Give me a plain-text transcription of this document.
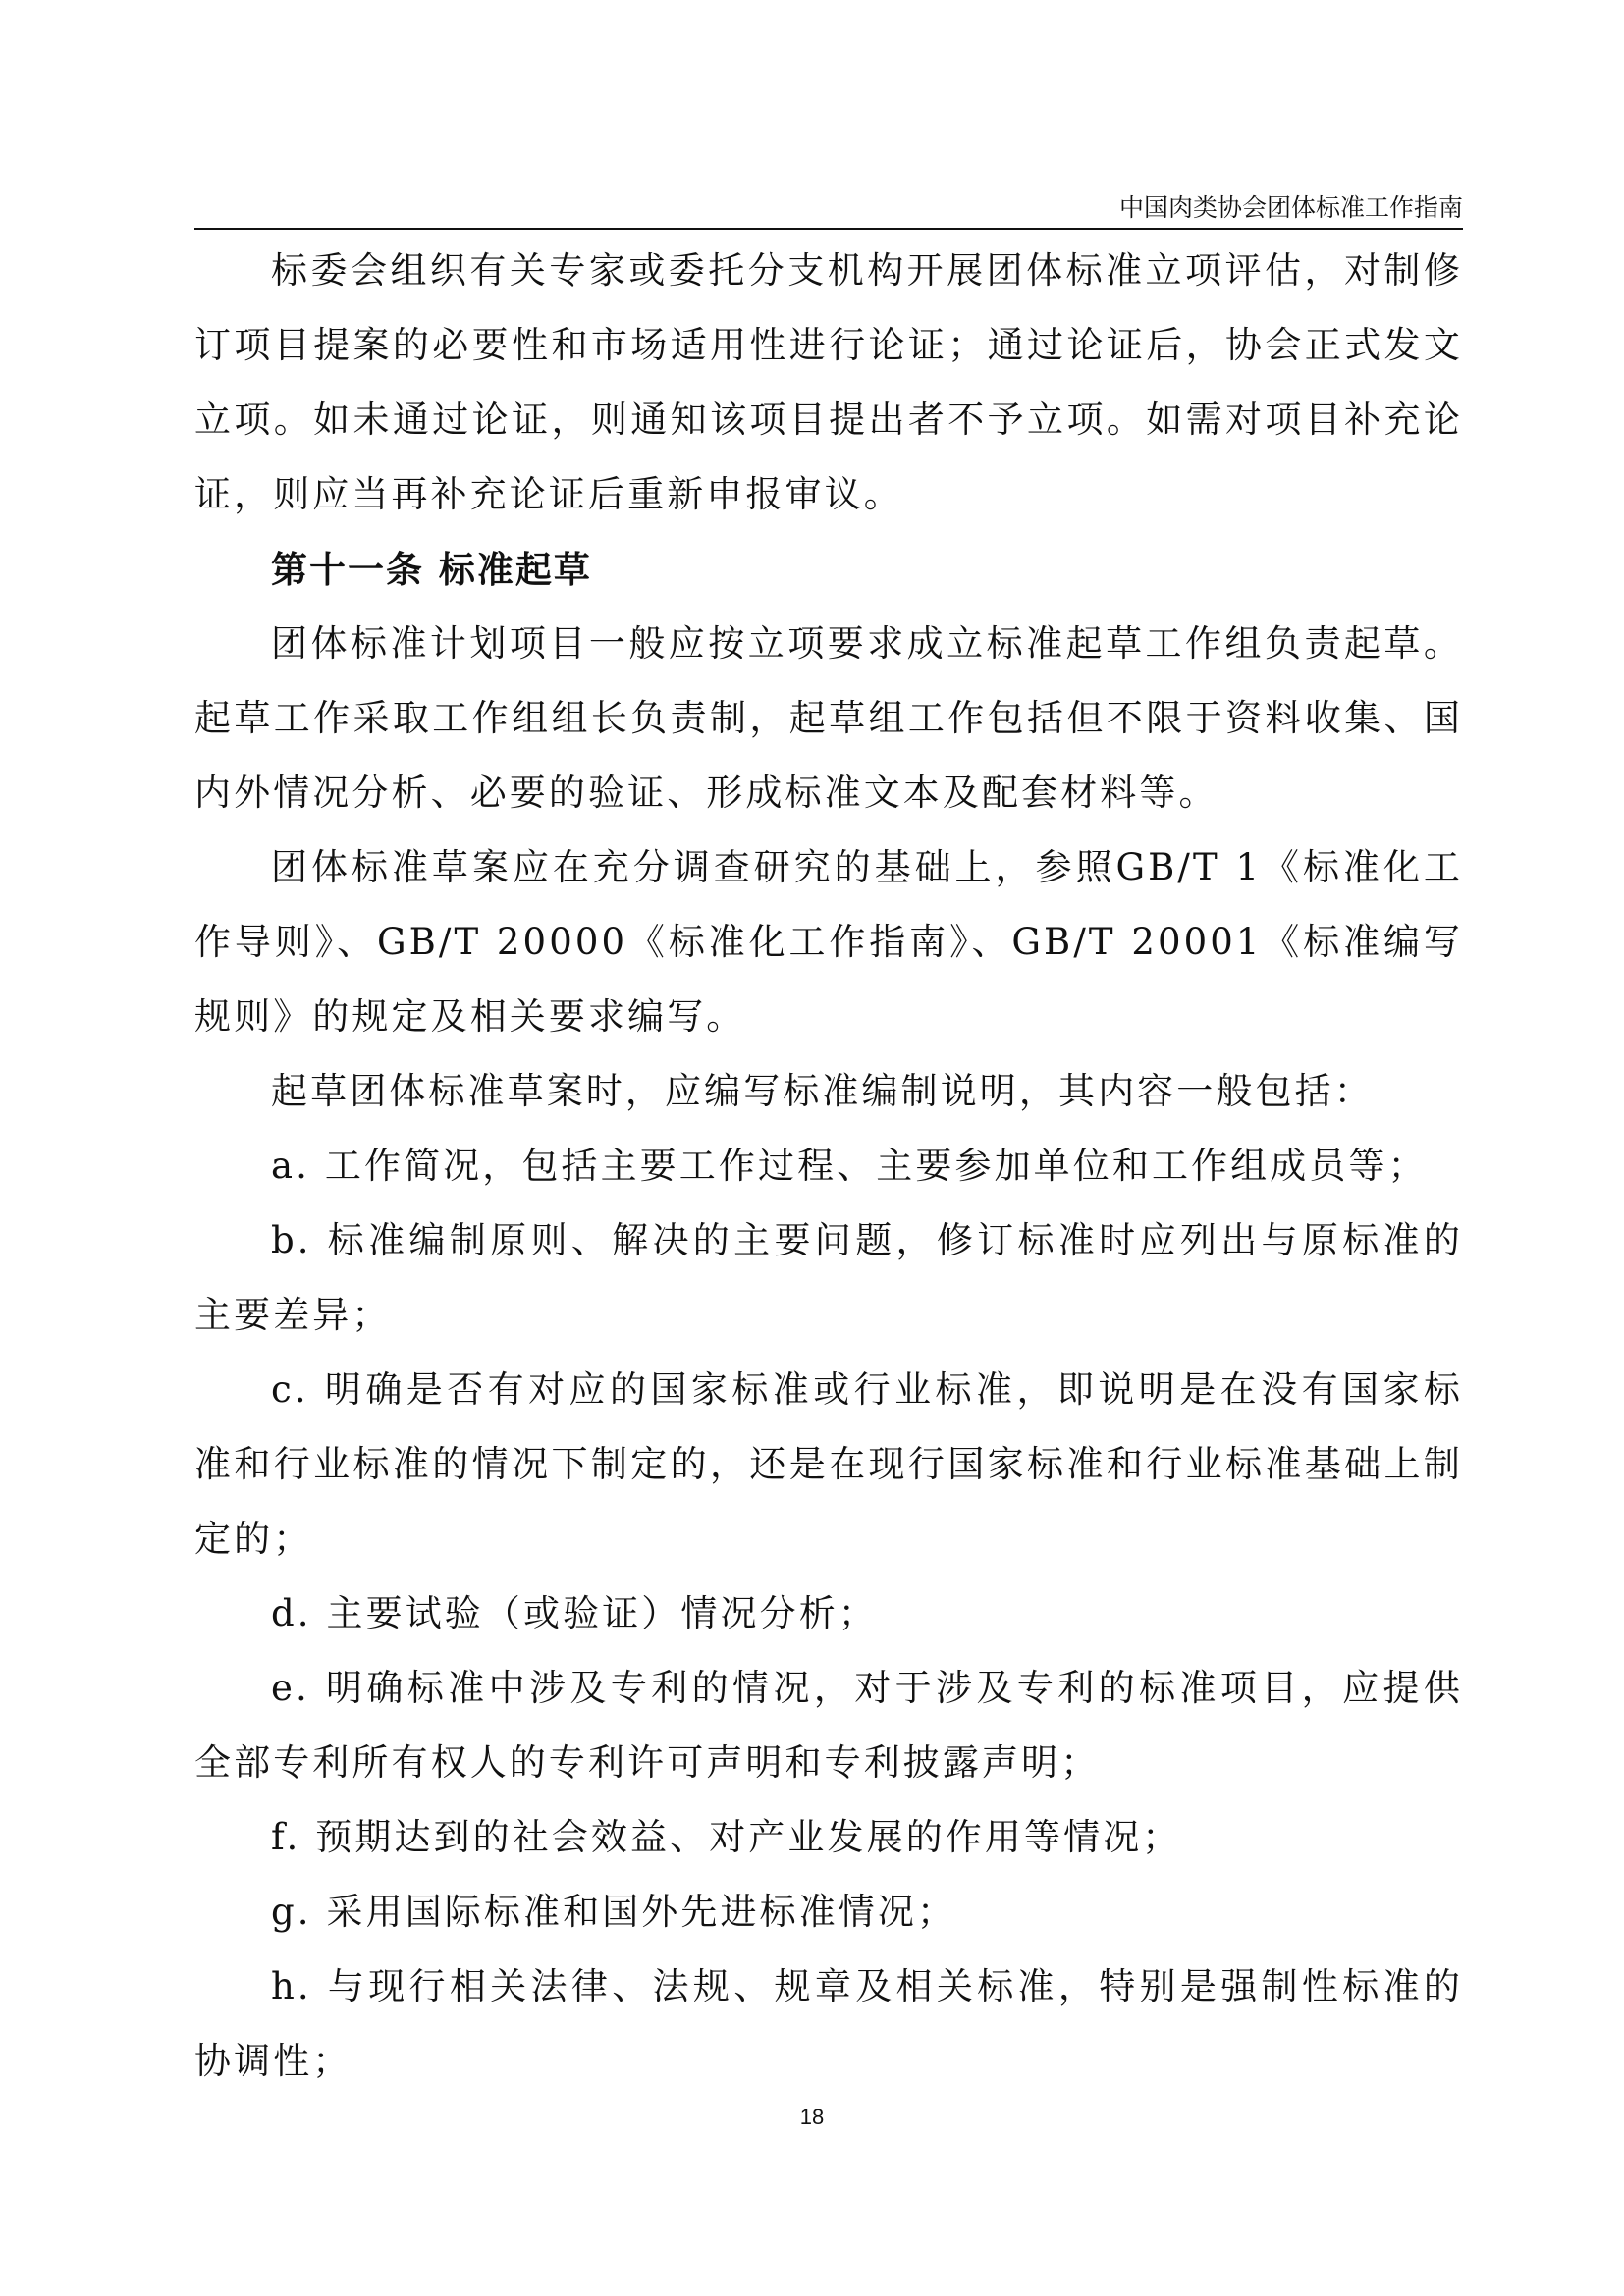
中国肉类协会团体标准工作指南

标委会组织有关专家或委托分支机构开展团体标准立项评估，对制修订项目提案的必要性和市场适用性进行论证；通过论证后，协会正式发文立项。如未通过论证，则通知该项目提出者不予立项。如需对项目补充论证，则应当再补充论证后重新申报审议。

第十一条 标准起草

团体标准计划项目一般应按立项要求成立标准起草工作组负责起草。起草工作采取工作组组长负责制，起草组工作包括但不限于资料收集、国内外情况分析、必要的验证、形成标准文本及配套材料等。

团体标准草案应在充分调查研究的基础上，参照GB/T 1《标准化工作导则》、GB/T 20000《标准化工作指南》、GB/T 20001《标准编写规则》的规定及相关要求编写。

起草团体标准草案时，应编写标准编制说明，其内容一般包括：

a. 工作简况，包括主要工作过程、主要参加单位和工作组成员等；

b. 标准编制原则、解决的主要问题，修订标准时应列出与原标准的主要差异；

c. 明确是否有对应的国家标准或行业标准，即说明是在没有国家标准和行业标准的情况下制定的，还是在现行国家标准和行业标准基础上制定的；

d. 主要试验（或验证）情况分析；

e. 明确标准中涉及专利的情况，对于涉及专利的标准项目，应提供全部专利所有权人的专利许可声明和专利披露声明；

f. 预期达到的社会效益、对产业发展的作用等情况；

g. 采用国际标准和国外先进标准情况；

h. 与现行相关法律、法规、规章及相关标准，特别是强制性标准的协调性；

18
